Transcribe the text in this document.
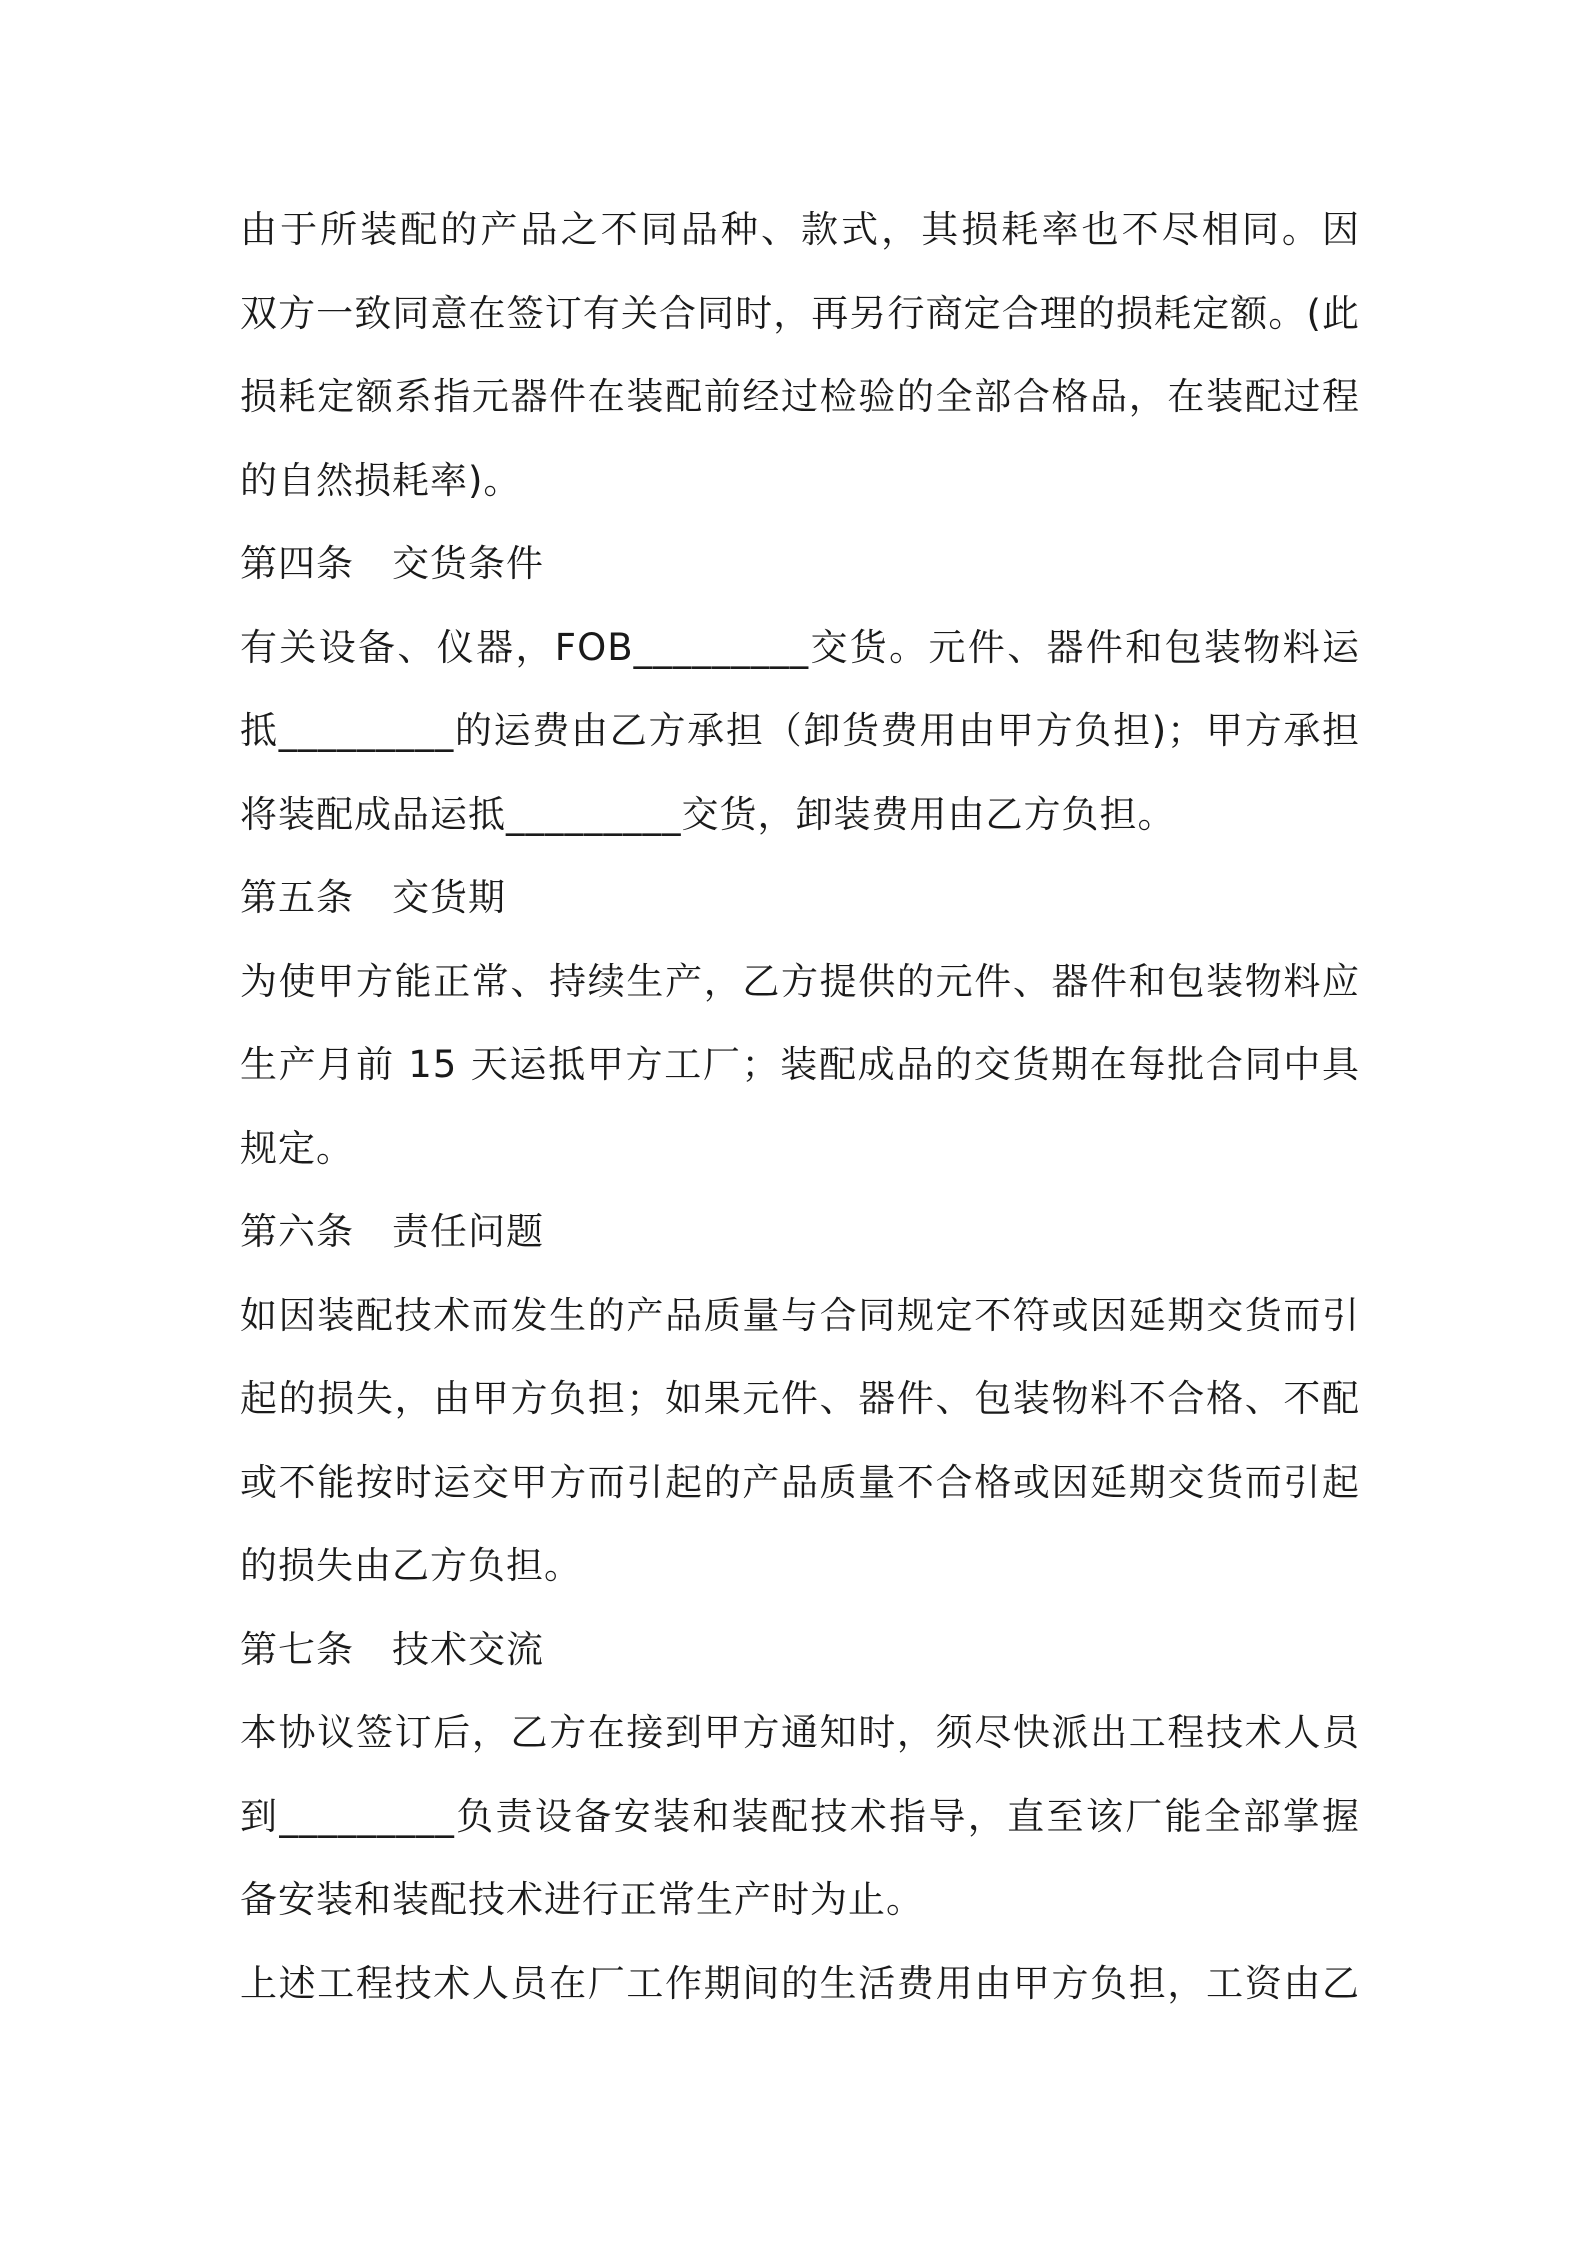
由于所装配的产品之不同品种、款式，其损耗率也不尽相同。因
双方一致同意在签订有关合同时，再另行商定合理的损耗定额。(此
损耗定额系指元器件在装配前经过检验的全部合格品，在装配过程
的自然损耗率)。
第四条　交货条件
有关设备、仪器，FOB_________交货。元件、器件和包装物料运
抵_________的运费由乙方承担（卸货费用由甲方负担)；甲方承担
将装配成品运抵_________交货，卸装费用由乙方负担。
第五条　交货期
为使甲方能正常、持续生产，乙方提供的元件、器件和包装物料应
生产月前 15 天运抵甲方工厂；装配成品的交货期在每批合同中具
规定。
第六条　责任问题
如因装配技术而发生的产品质量与合同规定不符或因延期交货而引
起的损失，由甲方负担；如果元件、器件、包装物料不合格、不配
或不能按时运交甲方而引起的产品质量不合格或因延期交货而引起
的损失由乙方负担。
第七条　技术交流
本协议签订后，乙方在接到甲方通知时，须尽快派出工程技术人员
到_________负责设备安装和装配技术指导，直至该厂能全部掌握
备安装和装配技术进行正常生产时为止。
上述工程技术人员在厂工作期间的生活费用由甲方负担，工资由乙
